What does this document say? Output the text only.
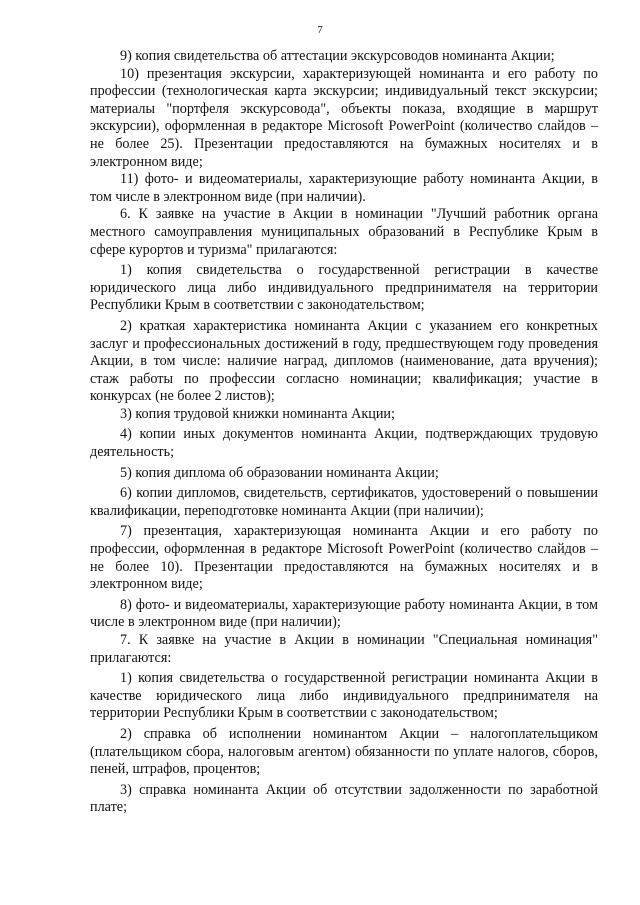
7

9) копия свидетельства об аттестации экскурсоводов номинанта Акции;

10) презентация экскурсии, характеризующей номинанта и его работу по профессии (технологическая карта экскурсии; индивидуальный текст экскурсии; материалы "портфеля экскурсовода", объекты показа, входящие в маршрут экскурсии), оформленная в редакторе Microsoft PowerPoint (количество слайдов – не более 25). Презентации предоставляются на бумажных носителях и в электронном виде;

11) фото- и видеоматериалы, характеризующие работу номинанта Акции, в том числе в электронном виде (при наличии).

6. К заявке на участие в Акции в номинации "Лучший работник органа местного самоуправления муниципальных образований в Республике Крым в сфере курортов и туризма" прилагаются:

1) копия свидетельства о государственной регистрации в качестве юридического лица либо индивидуального предпринимателя на территории Республики Крым в соответствии с законодательством;

2) краткая характеристика номинанта Акции с указанием его конкретных заслуг и профессиональных достижений в году, предшествующем году проведения Акции, в том числе: наличие наград, дипломов (наименование, дата вручения); стаж работы по профессии согласно номинации; квалификация; участие в конкурсах (не более 2 листов);

3) копия трудовой книжки номинанта Акции;

4) копии иных документов номинанта Акции, подтверждающих трудовую деятельность;

5) копия диплома об образовании номинанта Акции;

6) копии дипломов, свидетельств, сертификатов, удостоверений о повышении квалификации, переподготовке номинанта Акции (при наличии);

7) презентация, характеризующая номинанта Акции и его работу по профессии, оформленная в редакторе Microsoft PowerPoint (количество слайдов – не более 10). Презентации предоставляются на бумажных носителях и в электронном виде;

8) фото- и видеоматериалы, характеризующие работу номинанта Акции, в том числе в электронном виде (при наличии);

7. К заявке на участие в Акции в номинации "Специальная номинация" прилагаются:

1) копия свидетельства о государственной регистрации номинанта Акции в качестве юридического лица либо индивидуального предпринимателя на территории Республики Крым в соответствии с законодательством;

2) справка об исполнении номинантом Акции – налогоплательщиком (плательщиком сбора, налоговым агентом) обязанности по уплате налогов, сборов, пеней, штрафов, процентов;

3) справка номинанта Акции об отсутствии задолженности по заработной плате;
